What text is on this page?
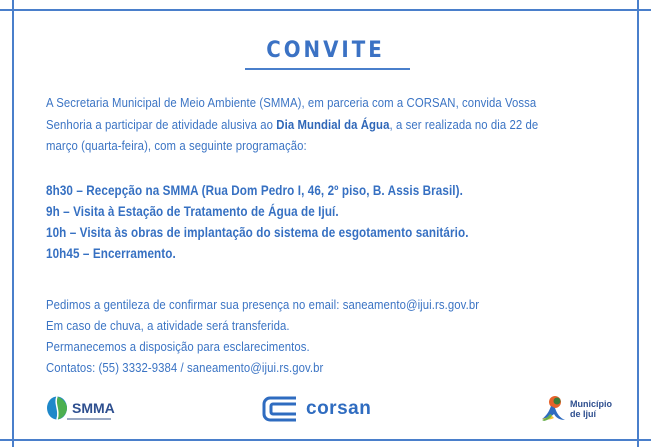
CONVITE
A Secretaria Municipal de Meio Ambiente (SMMA), em parceria com a CORSAN, convida Vossa
Senhoria a participar de atividade alusiva ao Dia Mundial da Água, a ser realizada no dia 22 de
março (quarta-feira), com a seguinte programação:
8h30 – Recepção na SMMA (Rua Dom Pedro I, 46, 2º piso, B. Assis Brasil).
9h – Visita à Estação de Tratamento de Água de Ijuí.
10h – Visita às obras de implantação do sistema de esgotamento sanitário.
10h45 – Encerramento.
Pedimos a gentileza de confirmar sua presença no email: saneamento@ijui.rs.gov.br
Em caso de chuva, a atividade será transferida.
Permanecemos a disposição para esclarecimentos.
Contatos: (55) 3332-9384 / saneamento@ijui.rs.gov.br
SMMA	corsan	Município
de Ijuí
